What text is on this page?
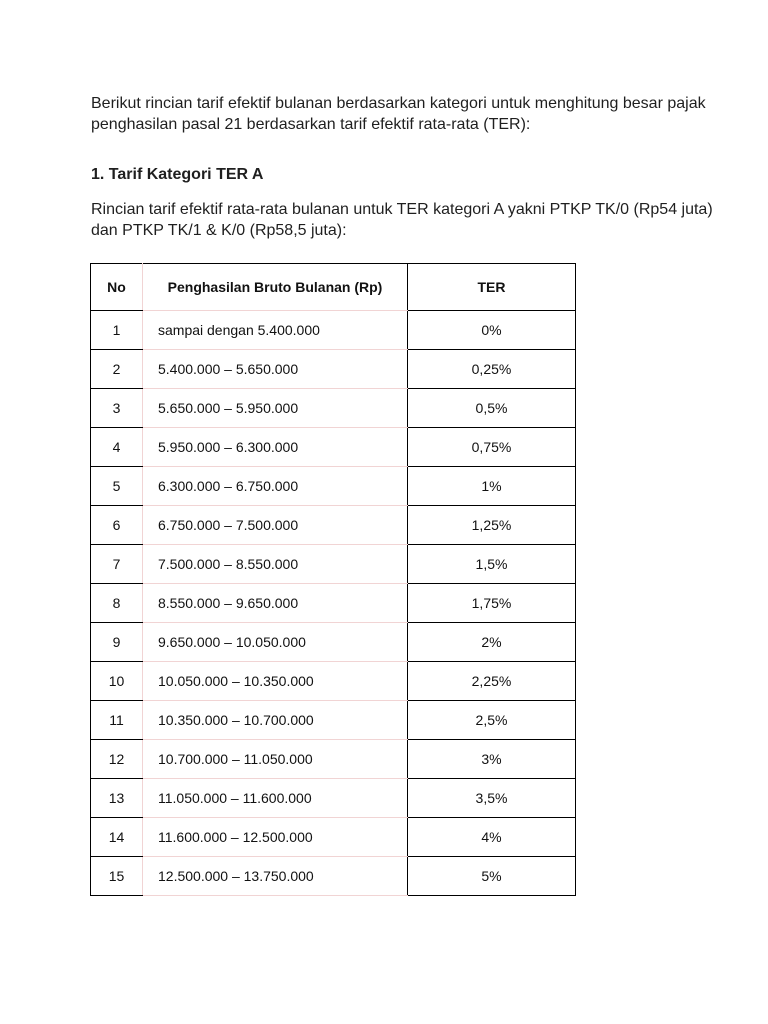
Berikut rincian tarif efektif bulanan berdasarkan kategori untuk menghitung besar pajak penghasilan pasal 21 berdasarkan tarif efektif rata-rata (TER):

1. Tarif Kategori TER A

Rincian tarif efektif rata-rata bulanan untuk TER kategori A yakni PTKP TK/0 (Rp54 juta) dan PTKP TK/1 & K/0 (Rp58,5 juta):

No	Penghasilan Bruto Bulanan (Rp)	TER
1	sampai dengan 5.400.000	0%
2	5.400.000 – 5.650.000	0,25%
3	5.650.000 – 5.950.000	0,5%
4	5.950.000 – 6.300.000	0,75%
5	6.300.000 – 6.750.000	1%
6	6.750.000 – 7.500.000	1,25%
7	7.500.000 – 8.550.000	1,5%
8	8.550.000 – 9.650.000	1,75%
9	9.650.000 – 10.050.000	2%
10	10.050.000 – 10.350.000	2,25%
11	10.350.000 – 10.700.000	2,5%
12	10.700.000 – 11.050.000	3%
13	11.050.000 – 11.600.000	3,5%
14	11.600.000 – 12.500.000	4%
15	12.500.000 – 13.750.000	5%
